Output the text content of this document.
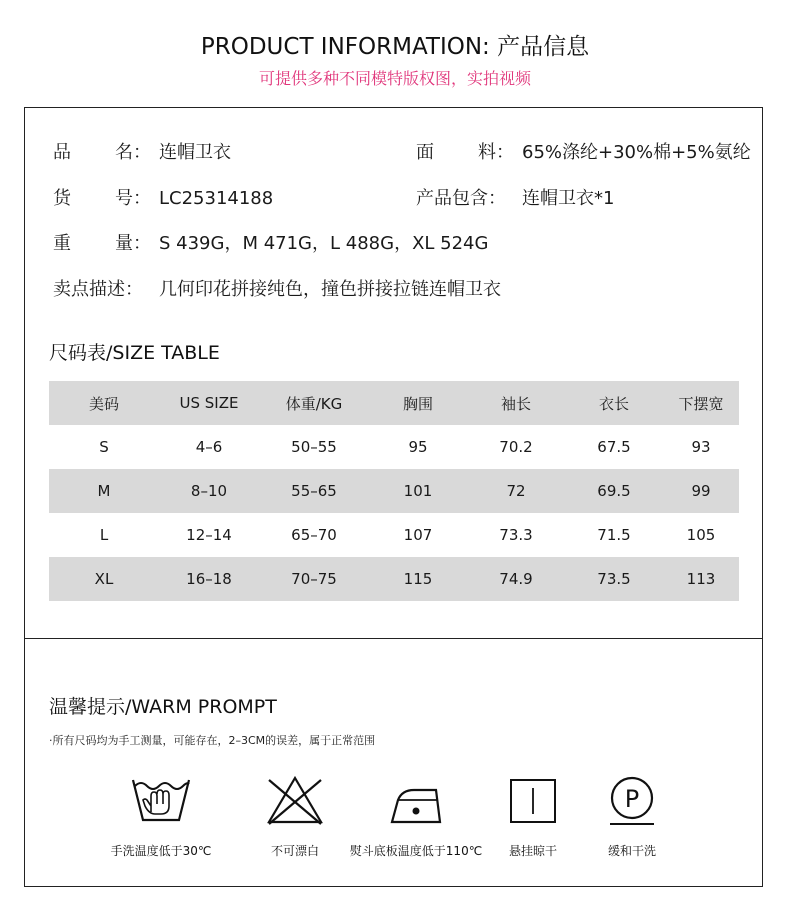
PRODUCT INFORMATION: 产品信息
可提供多种不同模特版权图，实拍视频
品 名： 连帽卫衣	面 料： 65%涤纶+30%棉+5%氨纶
货 号： LC25314188	产品包含： 连帽卫衣*1
重 量： S 439G，M 471G，L 488G，XL 524G
卖点描述： 几何印花拼接纯色，撞色拼接拉链连帽卫衣
尺码表/SIZE TABLE
美码	US SIZE	体重/KG	胸围	袖长	衣长	下摆宽
S	4–6	50–55	95	70.2	67.5	93
M	8–10	55–65	101	72	69.5	99
L	12–14	65–70	107	73.3	71.5	105
XL	16–18	70–75	115	74.9	73.5	113
温馨提示/WARM PROMPT
·所有尺码均为手工测量，可能存在，2–3CM的误差，属于正常范围
手洗温度低于30℃	不可漂白	熨斗底板温度低于110℃	悬挂晾干
P
缓和干洗
